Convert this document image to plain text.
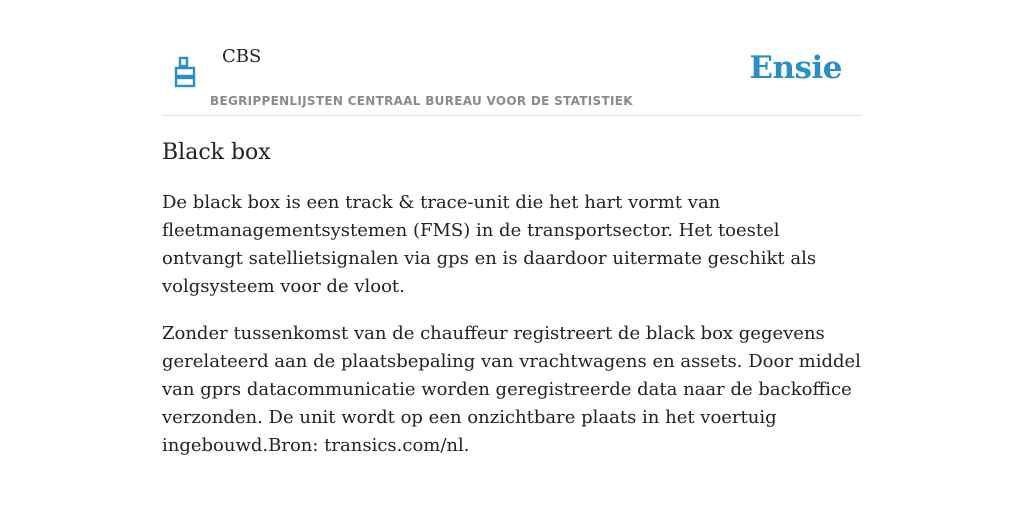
CBS
BEGRIPPENLIJSTEN CENTRAAL BUREAU VOOR DE STATISTIEK
Ensie
Black box

De black box is een track & trace-unit die het hart vormt van fleetmanagementsystemen (FMS) in de transportsector. Het toestel ontvangt satellietsignalen via gps en is daardoor uitermate geschikt als volgsysteem voor de vloot.

Zonder tussenkomst van de chauffeur registreert de black box gegevens gerelateerd aan de plaatsbepaling van vrachtwagens en assets. Door middel van gprs datacommunicatie worden geregistreerde data naar de backoffice verzonden. De unit wordt op een onzichtbare plaats in het voertuig ingebouwd.Bron: transics.com/nl.
